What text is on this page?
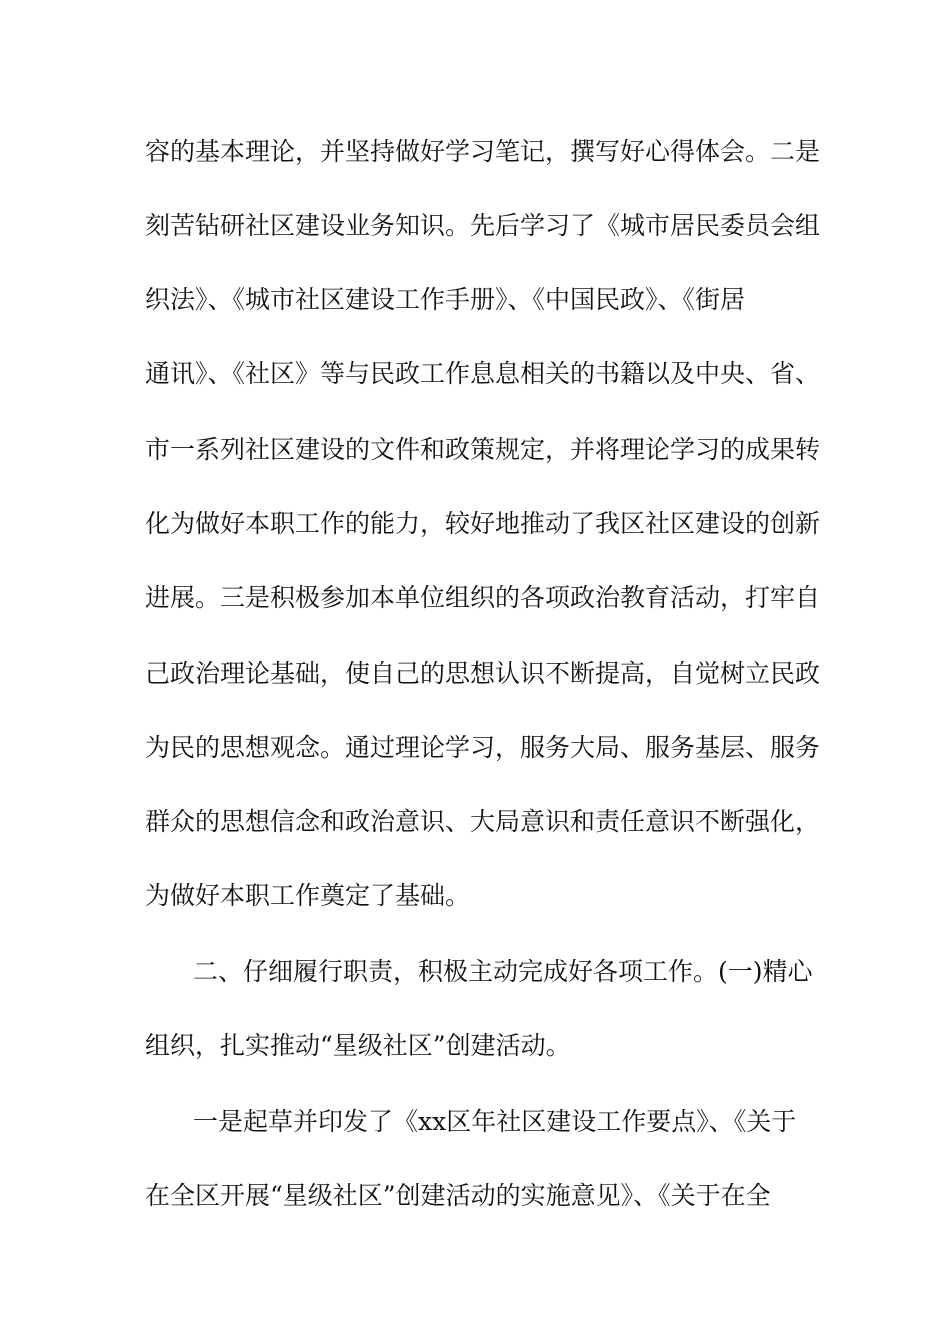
容的基本理论，并坚持做好学习笔记，撰写好心得体会。二是
刻苦钻研社区建设业务知识。先后学习了《城市居民委员会组
织法》、《城市社区建设工作手册》、《中国民政》、《街居
通讯》、《社区》等与民政工作息息相关的书籍以及中央、省、
市一系列社区建设的文件和政策规定，并将理论学习的成果转
化为做好本职工作的能力，较好地推动了我区社区建设的创新
进展。三是积极参加本单位组织的各项政治教育活动，打牢自
己政治理论基础，使自己的思想认识不断提高，自觉树立民政
为民的思想观念。通过理论学习，服务大局、服务基层、服务
群众的思想信念和政治意识、大局意识和责任意识不断强化，
为做好本职工作奠定了基础。
二、仔细履行职责，积极主动完成好各项工作。(一)精心
组织，扎实推动“星级社区”创建活动。
一是起草并印发了《xx区年社区建设工作要点》、《关于
在全区开展“星级社区”创建活动的实施意见》、《关于在全
